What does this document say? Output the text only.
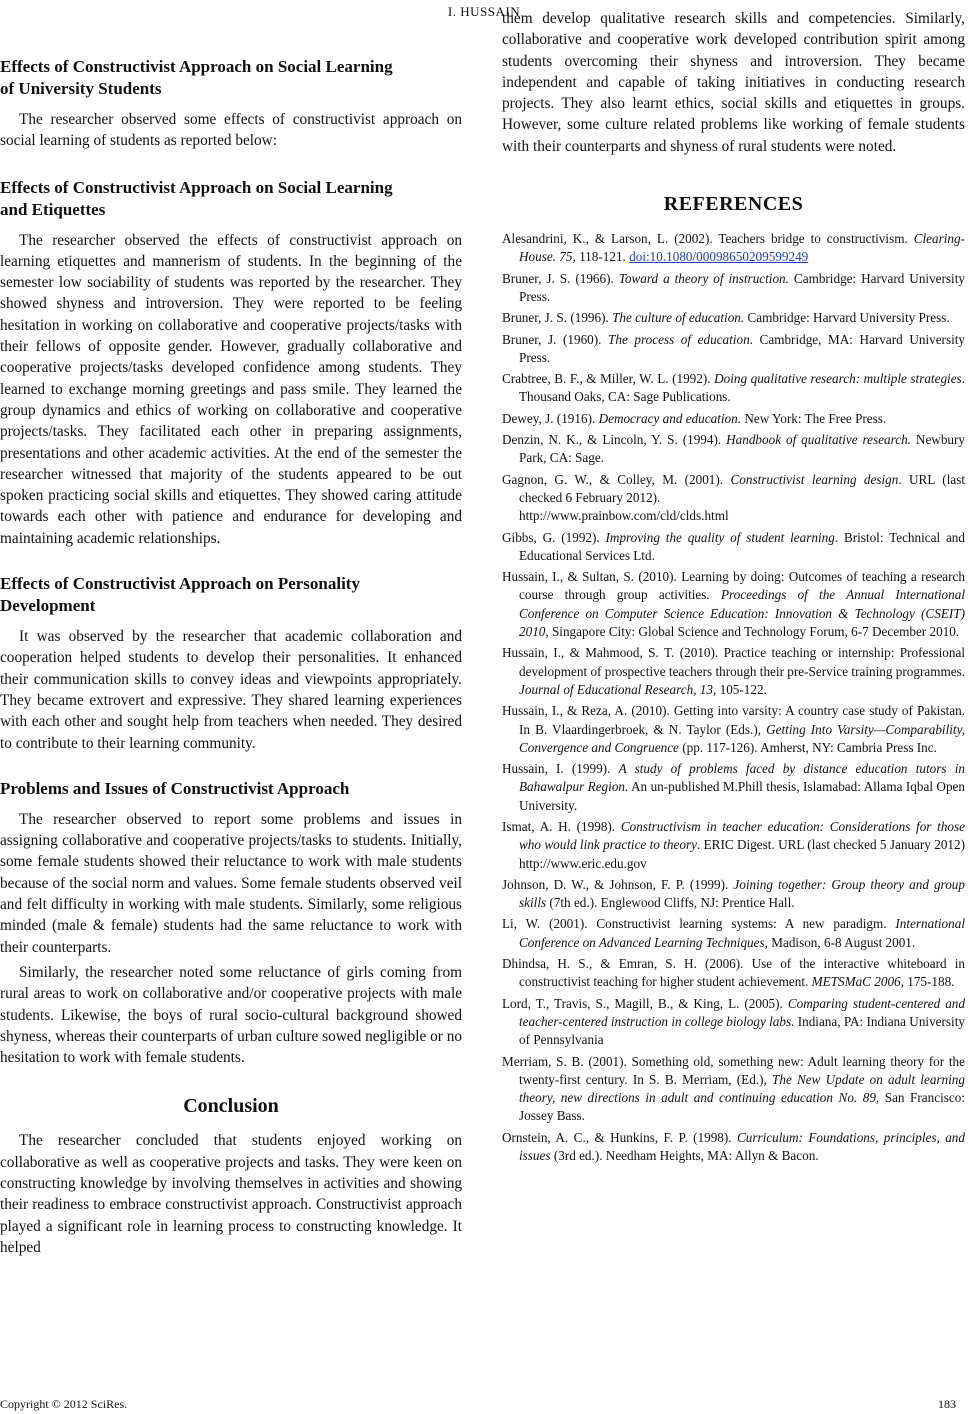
I. HUSSAIN
Effects of Constructivist Approach on Social Learning of University Students

The researcher observed some effects of constructivist approach on social learning of students as reported below:

Effects of Constructivist Approach on Social Learning and Etiquettes

The researcher observed the effects of constructivist approach on learning etiquettes and mannerism of students. In the beginning of the semester low sociability of students was reported by the researcher. They showed shyness and introversion. They were reported to be feeling hesitation in working on collaborative and cooperative projects/tasks with their fellows of opposite gender. However, gradually collaborative and cooperative projects/tasks developed confidence among students. They learned to exchange morning greetings and pass smile. They learned the group dynamics and ethics of working on collaborative and cooperative projects/tasks. They facilitated each other in preparing assignments, presentations and other academic activities. At the end of the semester the researcher witnessed that majority of the students appeared to be out spoken practicing social skills and etiquettes. They showed caring attitude towards each other with patience and endurance for developing and maintaining academic relationships.

Effects of Constructivist Approach on Personality Development

It was observed by the researcher that academic collaboration and cooperation helped students to develop their personalities. It enhanced their communication skills to convey ideas and viewpoints appropriately. They became extrovert and expressive. They shared learning experiences with each other and sought help from teachers when needed. They desired to contribute to their learning community.

Problems and Issues of Constructivist Approach

The researcher observed to report some problems and issues in assigning collaborative and cooperative projects/tasks to students. Initially, some female students showed their reluctance to work with male students because of the social norm and values. Some female students observed veil and felt difficulty in working with male students. Similarly, some religious minded (male & female) students had the same reluctance to work with their counterparts.

Similarly, the researcher noted some reluctance of girls coming from rural areas to work on collaborative and/or cooperative projects with male students. Likewise, the boys of rural socio-cultural background showed shyness, whereas their counterparts of urban culture sowed negligible or no hesitation to work with female students.

Conclusion

The researcher concluded that students enjoyed working on collaborative as well as cooperative projects and tasks. They were keen on constructing knowledge by involving themselves in activities and showing their readiness to embrace constructivist approach. Constructivist approach played a significant role in learning process to constructing knowledge. It helped

them develop qualitative research skills and competencies. Similarly, collaborative and cooperative work developed contribution spirit among students overcoming their shyness and introversion. They became independent and capable of taking initiatives in conducting research projects. They also learnt ethics, social skills and etiquettes in groups. However, some culture related problems like working of female students with their counterparts and shyness of rural students were noted.

REFERENCES
Alesandrini, K., & Larson, L. (2002). Teachers bridge to constructivism. Clearing-House. 75, 118-121. doi:10.1080/00098650209599249
Bruner, J. S. (1966). Toward a theory of instruction. Cambridge: Harvard University Press.
Bruner, J. S. (1996). The culture of education. Cambridge: Harvard University Press.
Bruner, J. (1960). The process of education. Cambridge, MA: Harvard University Press.
Crabtree, B. F., & Miller, W. L. (1992). Doing qualitative research: multiple strategies. Thousand Oaks, CA: Sage Publications.
Dewey, J. (1916). Democracy and education. New York: The Free Press.
Denzin, N. K., & Lincoln, Y. S. (1994). Handbook of qualitative research. Newbury Park, CA: Sage.
Gagnon, G. W., & Colley, M. (2001). Constructivist learning design. URL (last checked 6 February 2012).
http://www.prainbow.com/cld/clds.html
Gibbs, G. (1992). Improving the quality of student learning. Bristol: Technical and Educational Services Ltd.
Hussain, I., & Sultan, S. (2010). Learning by doing: Outcomes of teaching a research course through group activities. Proceedings of the Annual International Conference on Computer Science Education: Innovation & Technology (CSEIT) 2010, Singapore City: Global Science and Technology Forum, 6-7 December 2010.
Hussain, I., & Mahmood, S. T. (2010). Practice teaching or internship: Professional development of prospective teachers through their pre-Service training programmes. Journal of Educational Research, 13, 105-122.
Hussain, I., & Reza, A. (2010). Getting into varsity: A country case study of Pakistan. In B. Vlaardingerbroek, & N. Taylor (Eds.), Getting Into Varsity—Comparability, Convergence and Congruence (pp. 117-126). Amherst, NY: Cambria Press Inc.
Hussain, I. (1999). A study of problems faced by distance education tutors in Bahawalpur Region. An un-published M.Phill thesis, Islamabad: Allama Iqbal Open University.
Ismat, A. H. (1998). Constructivism in teacher education: Considerations for those who would link practice to theory. ERIC Digest. URL (last checked 5 January 2012) http://www.eric.edu.gov
Johnson, D. W., & Johnson, F. P. (1999). Joining together: Group theory and group skills (7th ed.). Englewood Cliffs, NJ: Prentice Hall.
Li, W. (2001). Constructivist learning systems: A new paradigm. International Conference on Advanced Learning Techniques, Madison, 6-8 August 2001.
Dhindsa, H. S., & Emran, S. H. (2006). Use of the interactive whiteboard in constructivist teaching for higher student achievement. METSMaC 2006, 175-188.
Lord, T., Travis, S., Magill, B., & King, L. (2005). Comparing student-centered and teacher-centered instruction in college biology labs. Indiana, PA: Indiana University of Pennsylvania
Merriam, S. B. (2001). Something old, something new: Adult learning theory for the twenty-first century. In S. B. Merriam, (Ed.), The New Update on adult learning theory, new directions in adult and continuing education No. 89, San Francisco: Jossey Bass.
Ornstein, A. C., & Hunkins, F. P. (1998). Curriculum: Foundations, principles, and issues (3rd ed.). Needham Heights, MA: Allyn & Bacon.
Copyright © 2012 SciRes.	183
